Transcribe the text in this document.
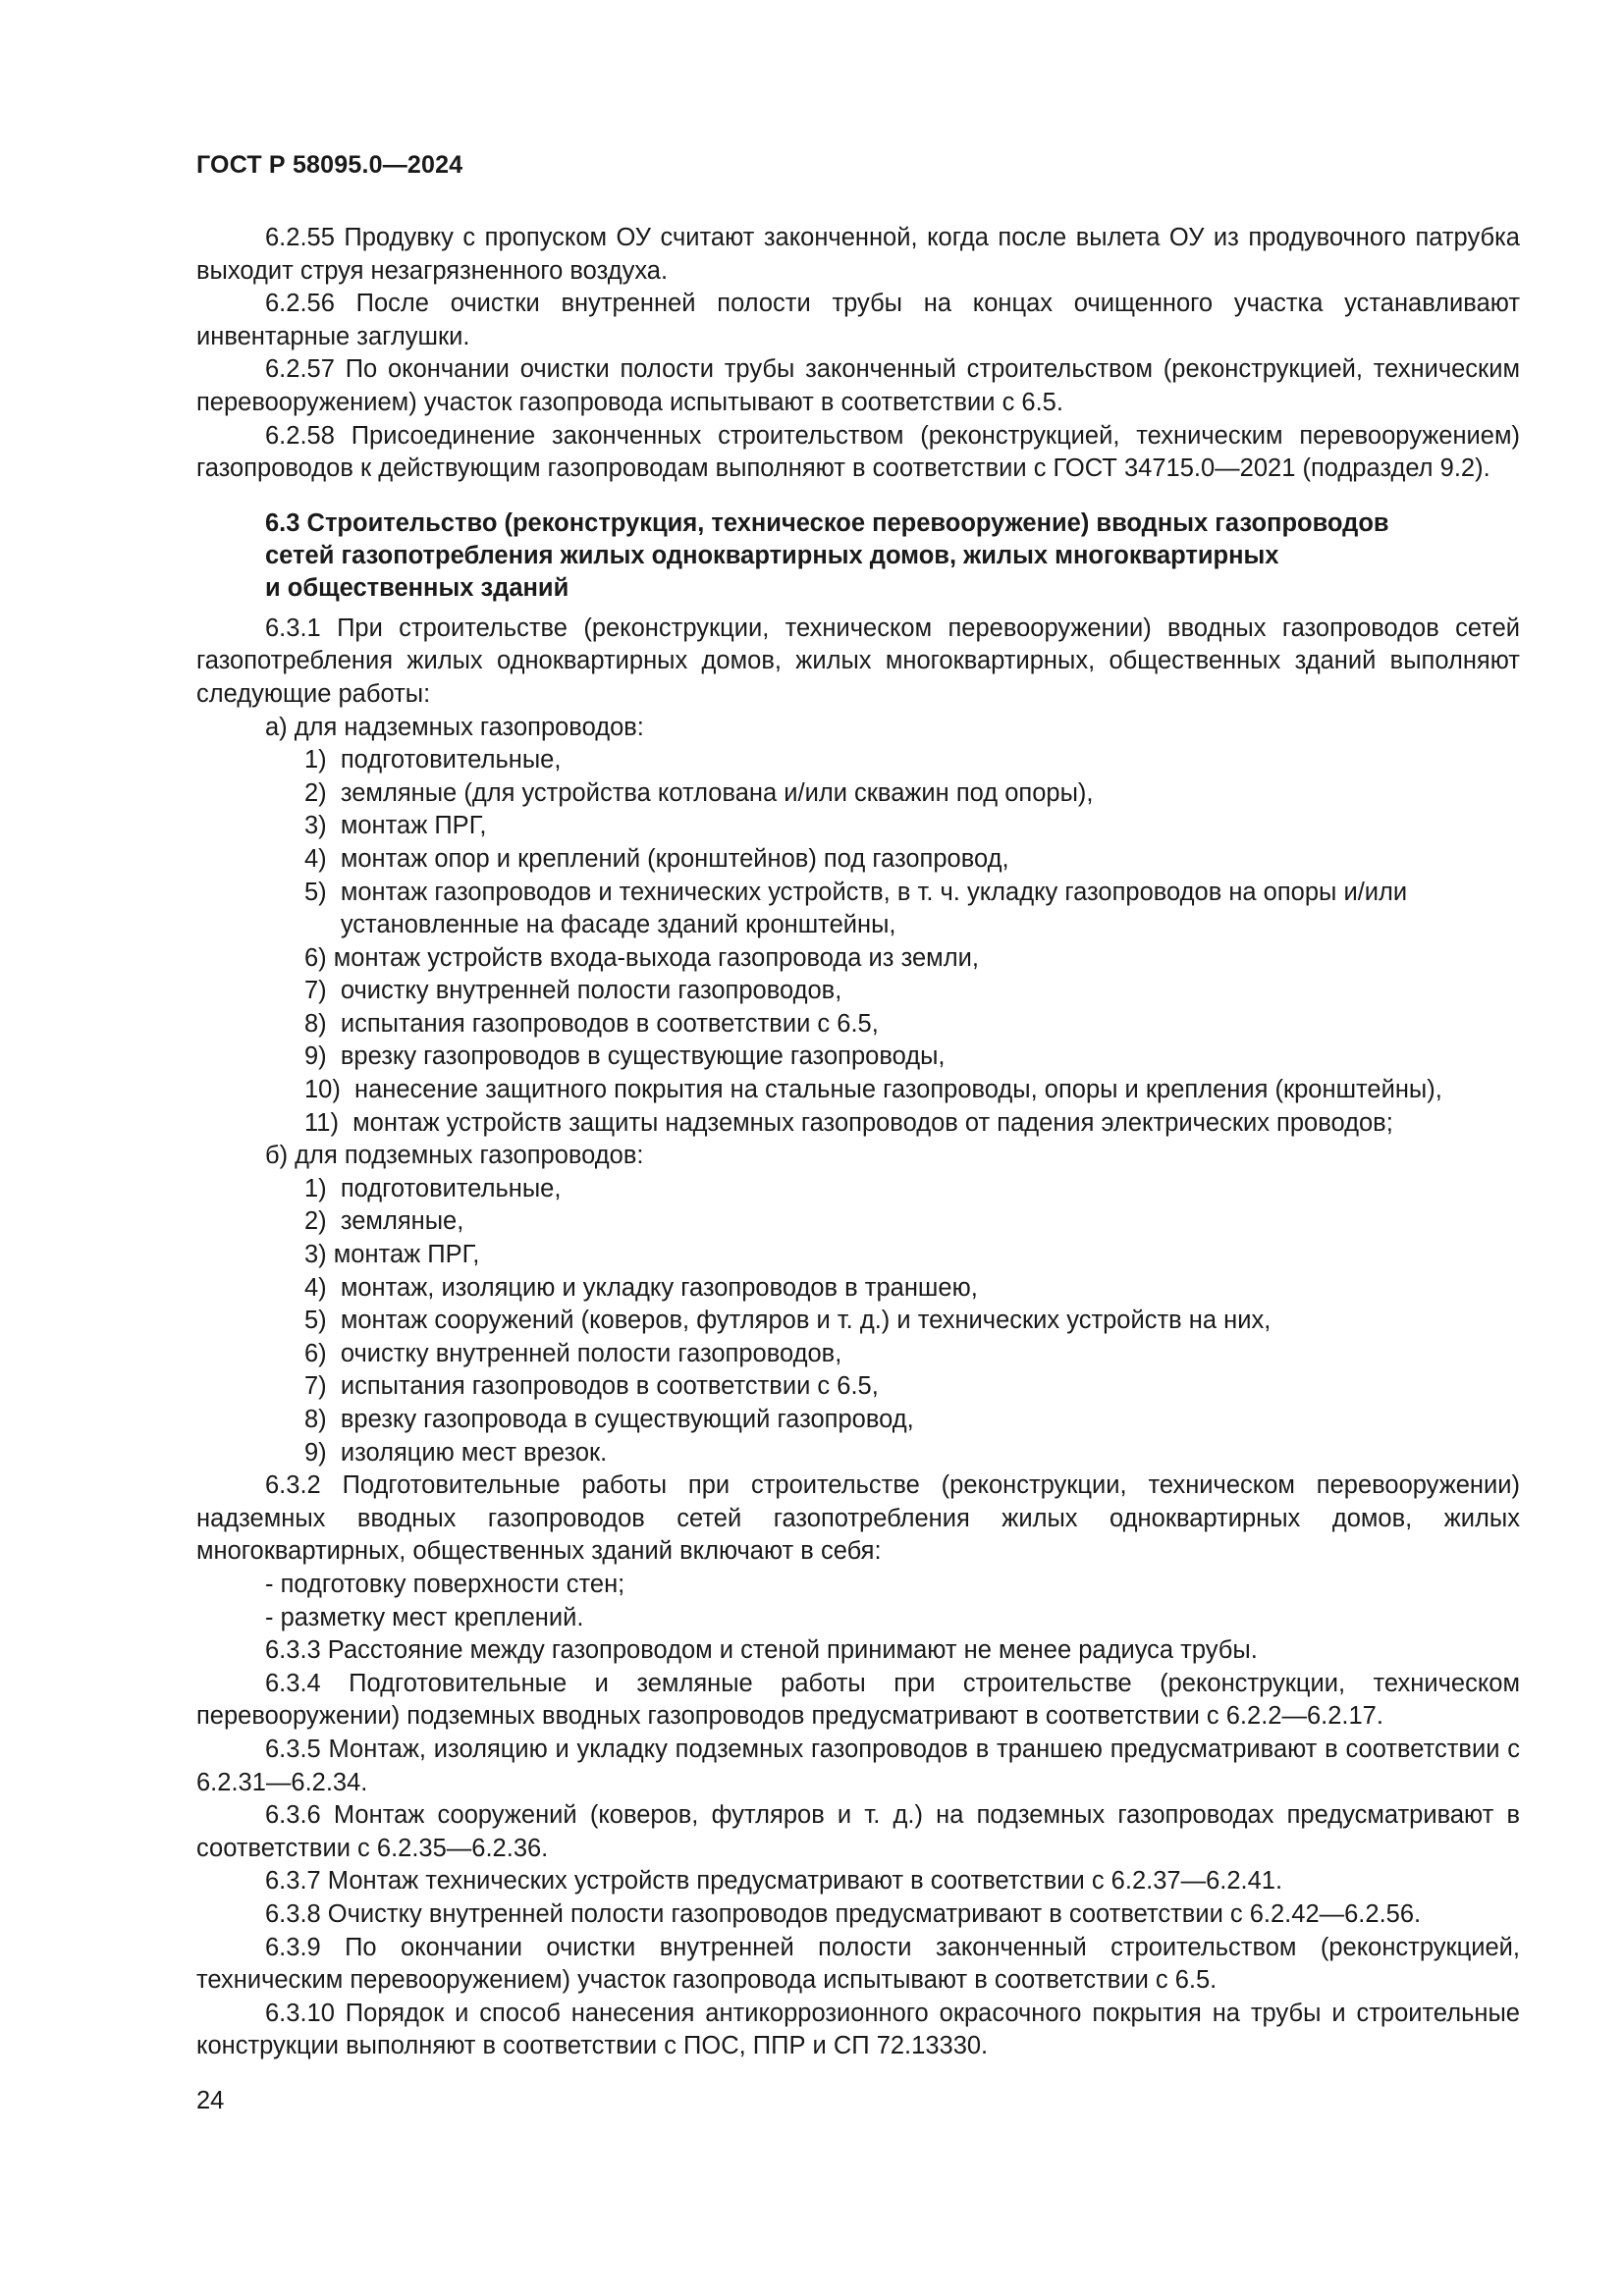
ГОСТ Р 58095.0—2024

6.2.55 Продувку с пропуском ОУ считают законченной, когда после вылета ОУ из продувочного патрубка выходит струя незагрязненного воздуха.

6.2.56 После очистки внутренней полости трубы на концах очищенного участка устанавливают инвентарные заглушки.

6.2.57 По окончании очистки полости трубы законченный строительством (реконструкцией, техническим перевооружением) участок газопровода испытывают в соответствии с 6.5.

6.2.58 Присоединение законченных строительством (реконструкцией, техническим перевооружением) газопроводов к действующим газопроводам выполняют в соответствии с ГОСТ 34715.0—2021 (подраздел 9.2).

6.3 Строительство (реконструкция, техническое перевооружение) вводных газопроводов
сетей газопотребления жилых одноквартирных домов, жилых многоквартирных
и общественных зданий

6.3.1 При строительстве (реконструкции, техническом перевооружении) вводных газопроводов сетей газопотребления жилых одноквартирных домов, жилых многоквартирных, общественных зданий выполняют следующие работы:

а) для надземных газопроводов:
1) подготовительные,
2) земляные (для устройства котлована и/или скважин под опоры),
3) монтаж ПРГ,
4) монтаж опор и креплений (кронштейнов) под газопровод,
5) монтаж газопроводов и технических устройств, в т. ч. укладку газопроводов на опоры и/или установленные на фасаде зданий кронштейны,
6) монтаж устройств входа-выхода газопровода из земли,
7) очистку внутренней полости газопроводов,
8) испытания газопроводов в соответствии с 6.5,
9) врезку газопроводов в существующие газопроводы,
10) нанесение защитного покрытия на стальные газопроводы, опоры и крепления (кронштейны),
11) монтаж устройств защиты надземных газопроводов от падения электрических проводов;
б) для подземных газопроводов:
1) подготовительные,
2) земляные,
3) монтаж ПРГ,
4) монтаж, изоляцию и укладку газопроводов в траншею,
5) монтаж сооружений (коверов, футляров и т. д.) и технических устройств на них,
6) очистку внутренней полости газопроводов,
7) испытания газопроводов в соответствии с 6.5,
8) врезку газопровода в существующий газопровод,
9) изоляцию мест врезок.

6.3.2 Подготовительные работы при строительстве (реконструкции, техническом перевооружении) надземных вводных газопроводов сетей газопотребления жилых одноквартирных домов, жилых многоквартирных, общественных зданий включают в себя:

- подготовку поверхности стен;
- разметку мест креплений.

6.3.3 Расстояние между газопроводом и стеной принимают не менее радиуса трубы.

6.3.4 Подготовительные и земляные работы при строительстве (реконструкции, техническом перевооружении) подземных вводных газопроводов предусматривают в соответствии с 6.2.2—6.2.17.

6.3.5 Монтаж, изоляцию и укладку подземных газопроводов в траншею предусматривают в соответствии с 6.2.31—6.2.34.

6.3.6 Монтаж сооружений (коверов, футляров и т. д.) на подземных газопроводах предусматривают в соответствии с 6.2.35—6.2.36.

6.3.7 Монтаж технических устройств предусматривают в соответствии с 6.2.37—6.2.41.

6.3.8 Очистку внутренней полости газопроводов предусматривают в соответствии с 6.2.42—6.2.56.

6.3.9 По окончании очистки внутренней полости законченный строительством (реконструкцией, техническим перевооружением) участок газопровода испытывают в соответствии с 6.5.

6.3.10 Порядок и способ нанесения антикоррозионного окрасочного покрытия на трубы и строительные конструкции выполняют в соответствии с ПОС, ППР и СП 72.13330.

24
